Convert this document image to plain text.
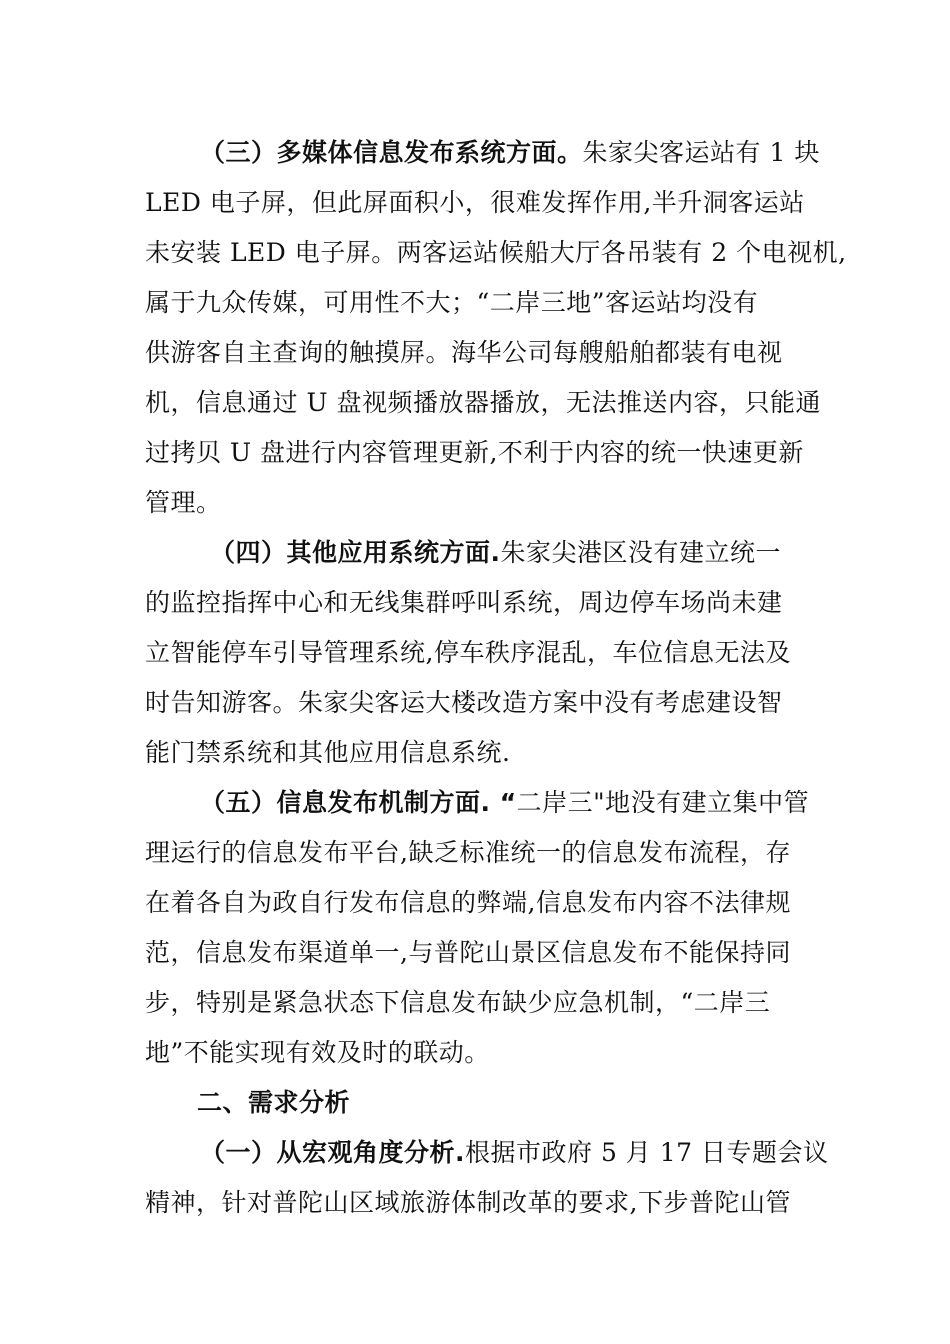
（三）多媒体信息发布系统方面。朱家尖客运站有 1 块
LED 电子屏，但此屏面积小，很难发挥作用,半升洞客运站
未安装 LED 电子屏。两客运站候船大厅各吊装有 2 个电视机,
属于九众传媒，可用性不大；“二岸三地”客运站均没有
供游客自主查询的触摸屏。海华公司每艘船舶都装有电视
机，信息通过 U 盘视频播放器播放，无法推送内容，只能通
过拷贝 U 盘进行内容管理更新,不利于内容的统一快速更新
管理。
（四）其他应用系统方面.朱家尖港区没有建立统一
的监控指挥中心和无线集群呼叫系统，周边停车场尚未建
立智能停车引导管理系统,停车秩序混乱，车位信息无法及
时告知游客。朱家尖客运大楼改造方案中没有考虑建设智
能门禁系统和其他应用信息系统.
（五）信息发布机制方面. “二岸三"地没有建立集中管
理运行的信息发布平台,缺乏标准统一的信息发布流程，存
在着各自为政自行发布信息的弊端,信息发布内容不法律规
范，信息发布渠道单一,与普陀山景区信息发布不能保持同
步，特别是紧急状态下信息发布缺少应急机制，“二岸三
地”不能实现有效及时的联动。
二、需求分析
（一）从宏观角度分析.根据市政府 5 月 17 日专题会议
精神，针对普陀山区域旅游体制改革的要求,下步普陀山管
